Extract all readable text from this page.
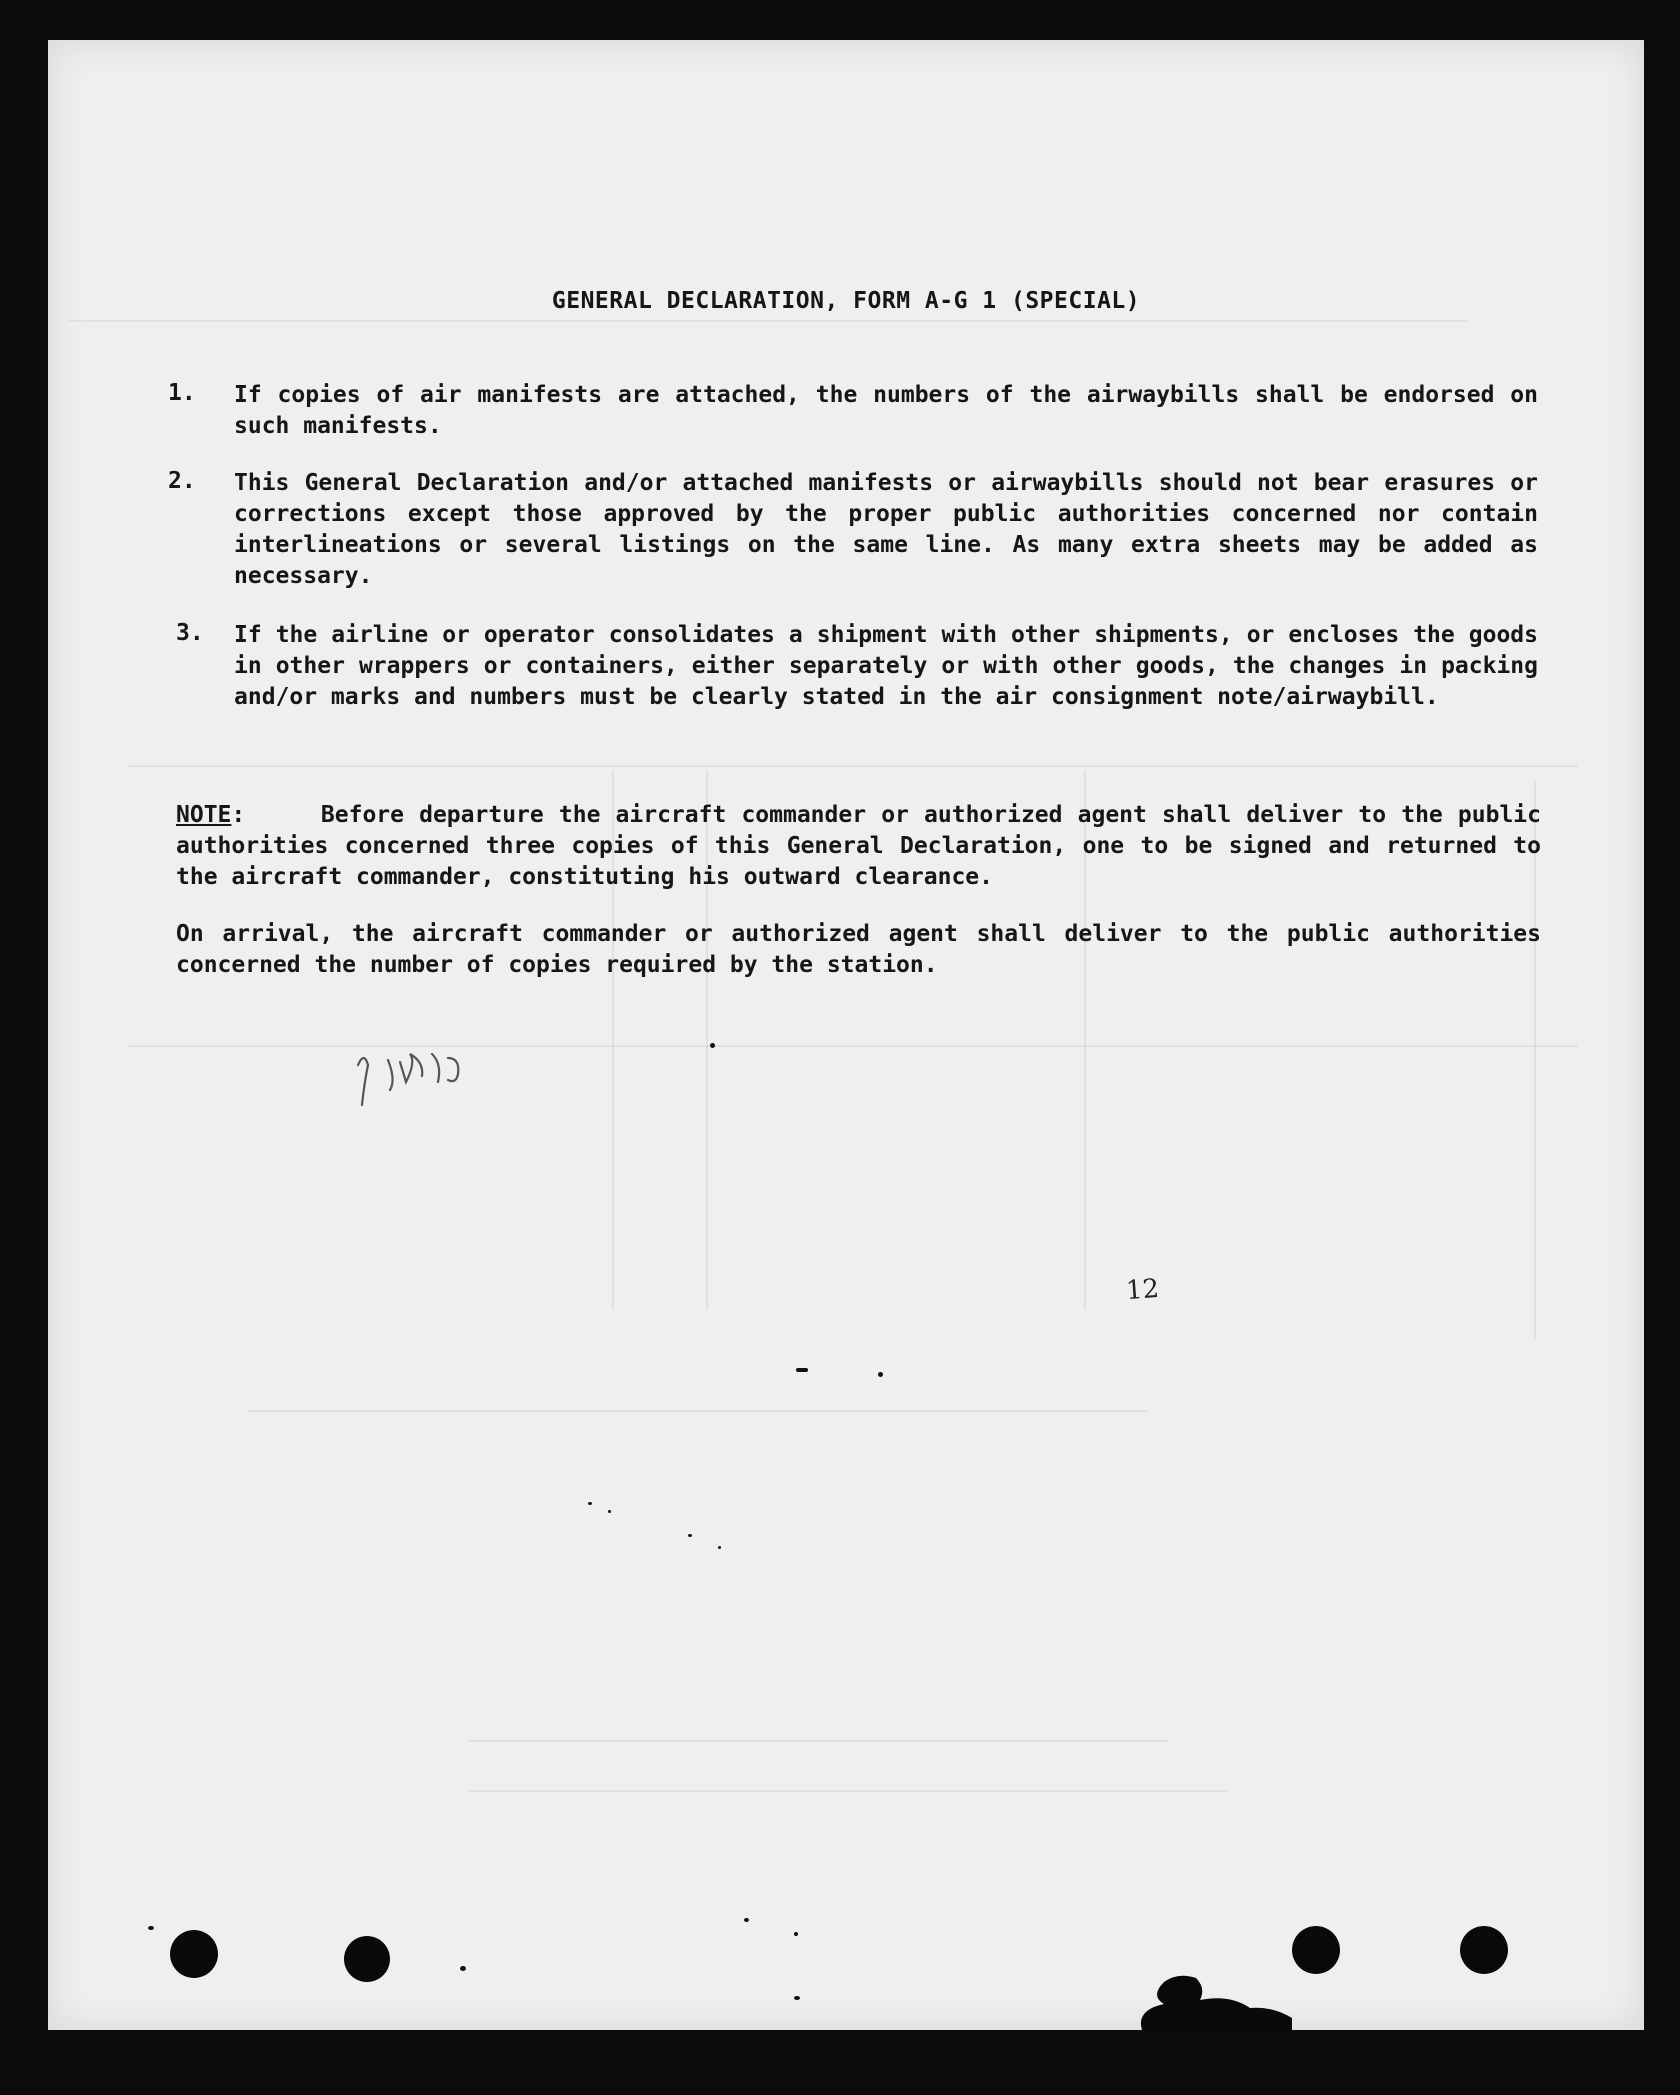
GENERAL DECLARATION, FORM A-G 1 (SPECIAL)
1.	If copies of air manifests are attached, the numbers of the airwaybills shall be endorsed on such manifests.
2.	This General Declaration and/or attached manifests or airwaybills should not bear erasures or corrections except those approved by the proper public authorities concerned nor contain interlineations or several listings on the same line. As many extra sheets may be added as necessary.
3.	If the airline or operator consolidates a shipment with other shipments, or encloses the goods in other wrappers or containers, either separately or with other goods, the changes in packing and/or marks and numbers must be clearly stated in the air consignment note/airwaybill.

NOTE:	Before departure the aircraft commander or authorized agent shall deliver to the public authorities concerned three copies of this General Declaration, one to be signed and returned to the aircraft commander, constituting his outward clearance.

On arrival, the aircraft commander or authorized agent shall deliver to the public authorities concerned the number of copies required by the station.

12
